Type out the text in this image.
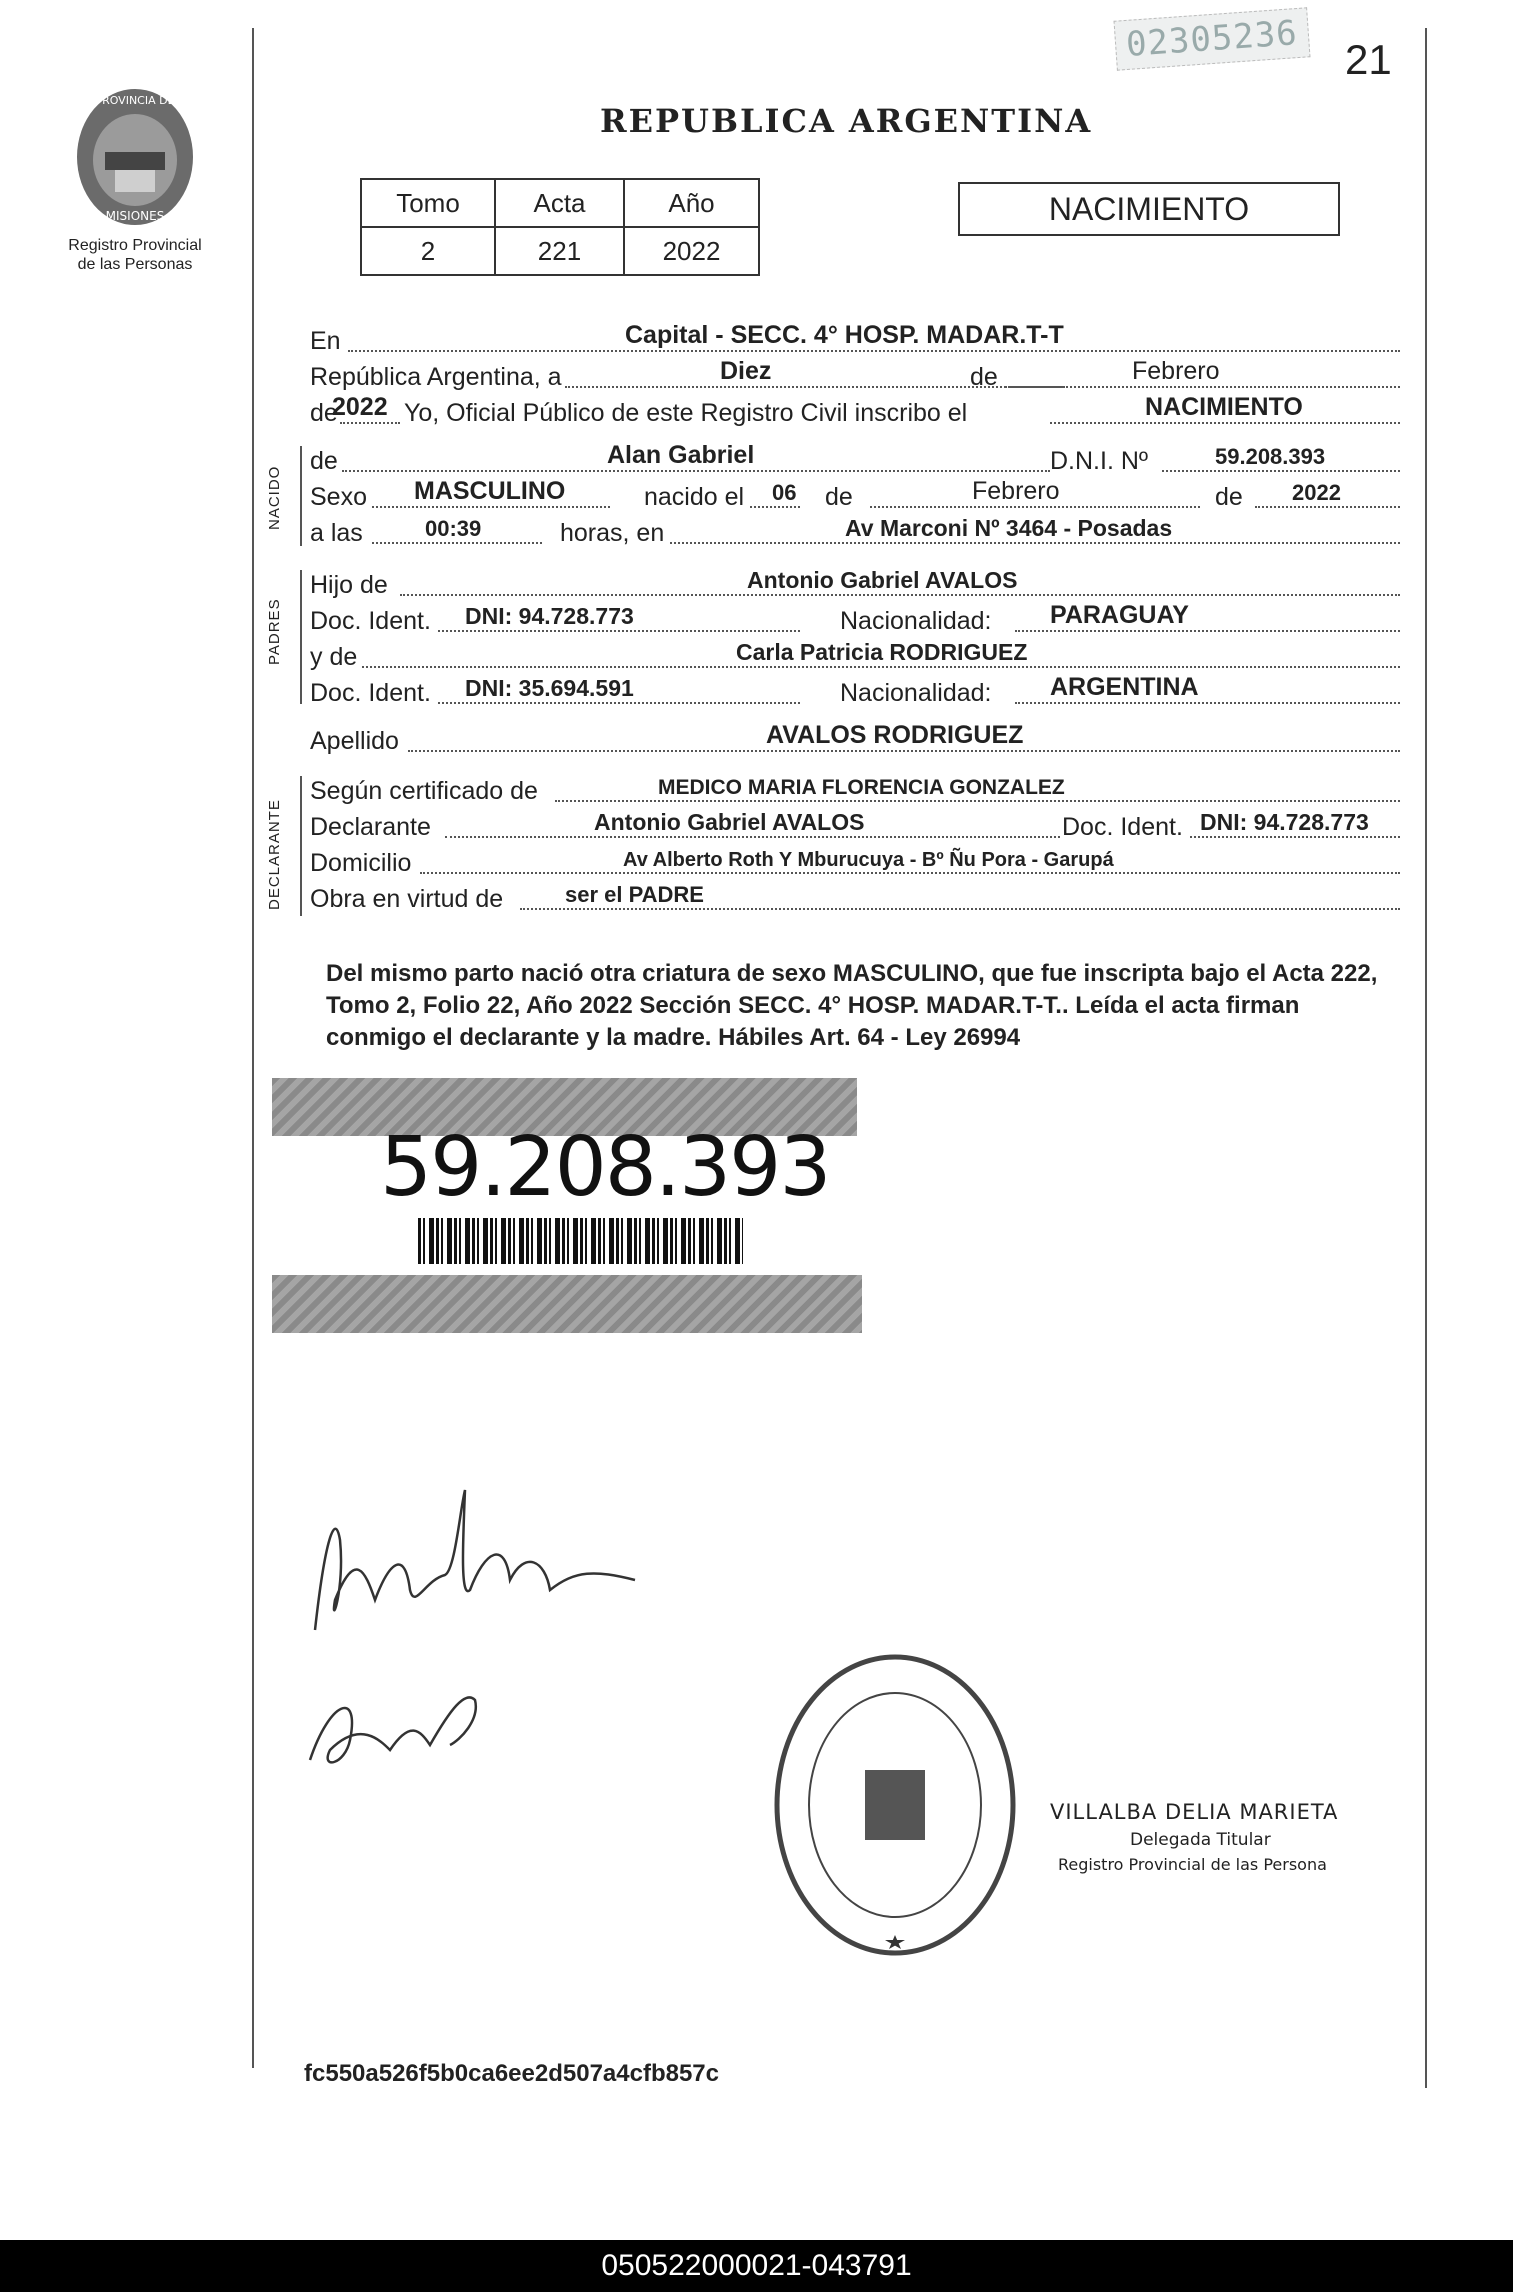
02305236 21
PROVINCIA DE
MISIONES
Registro Provincial
de las Personas
REPUBLICA ARGENTINA
Tomo	Acta	Año
2	221	2022
NACIMIENTO
En	Capital - SECC. 4° HOSP. MADAR.T-T
República Argentina, a	Diez	de	Febrero
de
2022 Yo, Oficial Público de este Registro Civil inscribo el	NACIMIENTO
NACIDO
de	Alan Gabriel	D.N.I. Nº	59.208.393
Sexo MASCULINO	nacido el 06 de	Febrero	de 2022
a las	00:39	horas, en	Av Marconi Nº 3464 - Posadas
PADRES
Hijo de	Antonio Gabriel AVALOS
Doc. Ident. DNI: 94.728.773	Nacionalidad: PARAGUAY
y de	Carla Patricia RODRIGUEZ
Doc. Ident. DNI: 35.694.591	Nacionalidad: ARGENTINA
Apellido	AVALOS RODRIGUEZ
DECLARANTE
Según certificado de	MEDICO MARIA FLORENCIA GONZALEZ
Declarante	Antonio Gabriel AVALOS	Doc. Ident. DNI: 94.728.773
Domicilio	Av Alberto Roth Y Mburucuya - Bº Ñu Pora - Garupá
Obra en virtud de	ser el PADRE
Del mismo parto nació otra criatura de sexo MASCULINO, que fue inscripta bajo el Acta 222, Tomo 2, Folio 22, Año 2022 Sección SECC. 4° HOSP. MADAR.T-T.. Leída el acta firman conmigo el declarante y la madre. Hábiles Art. 64 - Ley 26994
59.208.393
VILLALBA DELIA MARIETA
Delegada Titular
Registro Provincial de las Persona
fc550a526f5b0ca6ee2d507a4cfb857c
050522000021-043791
